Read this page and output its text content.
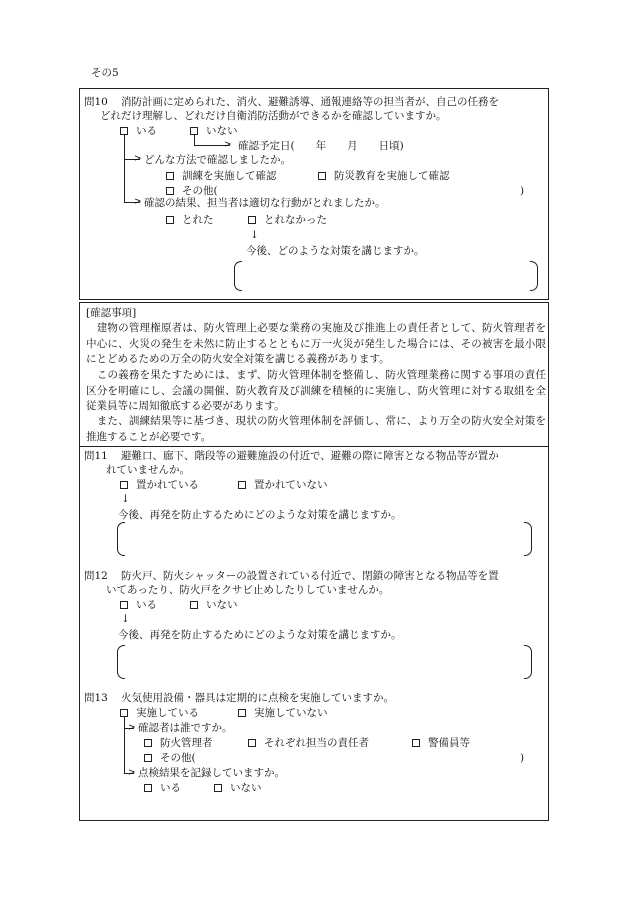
その5
問10 消防計画に定められた、消火、避難誘導、通報連絡等の担当者が、自己の任務を
どれだけ理解し、どれだけ自衛消防活動ができるかを確認していますか。
いる	いない
> 確認予定日(　　年　　月　　日頃)
> どんな方法で確認しましたか。
訓練を実施して確認	防災教育を実施して確認
その他(	)
> 確認の結果、担当者は適切な行動がとれましたか。
とれた	とれなかった
↓
今後、どのような対策を講じますか。
[確認事項]
　建物の管理権原者は、防火管理上必要な業務の実施及び推進上の責任者として、防火管理者を中心に、火災の発生を未然に防止するとともに万一火災が発生した場合には、その被害を最小限にとどめるための万全の防火安全対策を講じる義務があります。
　この義務を果たすためには、まず、防火管理体制を整備し、防火管理業務に関する事項の責任区分を明確にし、会議の開催、防火教育及び訓練を積極的に実施し、防火管理に対する取組を全従業員等に周知徹底する必要があります。
　また、訓練結果等に基づき、現状の防火管理体制を評価し、常に、より万全の防火安全対策を推進することが必要です。
問11 避難口、廊下、階段等の避難施設の付近で、避難の際に障害となる物品等が置か
れていませんか。
置かれている	置かれていない
↓
今後、再発を防止するためにどのような対策を講じますか。
問12 防火戸、防火シャッターの設置されている付近で、閉鎖の障害となる物品等を置
いてあったり、防火戸をクサビ止めしたりしていませんか。
いる	いない
↓
今後、再発を防止するためにどのような対策を講じますか。
問13 火気使用設備・器具は定期的に点検を実施していますか。
実施している	実施していない
> 確認者は誰ですか。
防火管理者	それぞれ担当の責任者	警備員等
その他(	)
> 点検結果を記録していますか。
いる	いない
